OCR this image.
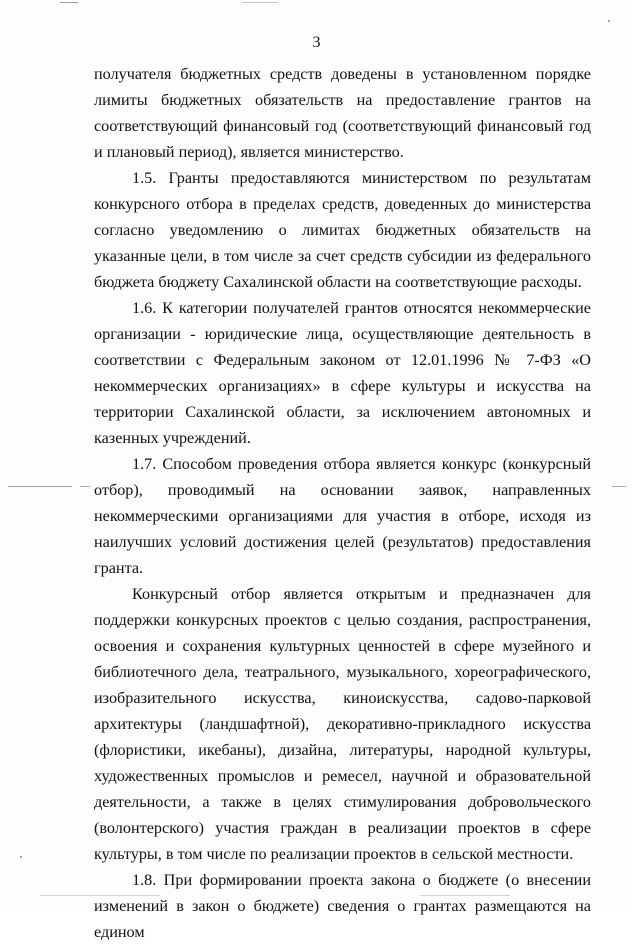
3

получателя бюджетных средств доведены в установленном порядке лимиты бюджетных обязательств на предоставление грантов на соответствующий финансовый год (соответствующий финансовый год и плановый период), является министерство.

1.5. Гранты предоставляются министерством по результатам конкурсного отбора в пределах средств, доведенных до министерства согласно уведомлению о лимитах бюджетных обязательств на указанные цели, в том числе за счет средств субсидии из федерального бюджета бюджету Сахалинской области на соответствующие расходы.

1.6. К категории получателей грантов относятся некоммерческие организации - юридические лица, осуществляющие деятельность в соответствии с Федеральным законом от 12.01.1996 № 7-ФЗ «О некоммерческих организациях» в сфере культуры и искусства на территории Сахалинской области, за исключением автономных и казенных учреждений.

1.7. Способом проведения отбора является конкурс (конкурсный отбор), проводимый на основании заявок, направленных некоммерческими организациями для участия в отборе, исходя из наилучших условий достижения целей (результатов) предоставления гранта.

Конкурсный отбор является открытым и предназначен для поддержки конкурсных проектов с целью создания, распространения, освоения и сохранения культурных ценностей в сфере музейного и библиотечного дела, театрального, музыкального, хореографического, изобразительного искусства, киноискусства, садово-парковой архитектуры (ландшафтной), декоративно-прикладного искусства (флористики, икебаны), дизайна, литературы, народной культуры, художественных промыслов и ремесел, научной и образовательной деятельности, а также в целях стимулирования добровольческого (волонтерского) участия граждан в реализации проектов в сфере культуры, в том числе по реализации проектов в сельской местности.

1.8. При формировании проекта закона о бюджете (о внесении изменений в закон о бюджете) сведения о грантах размещаются на едином
